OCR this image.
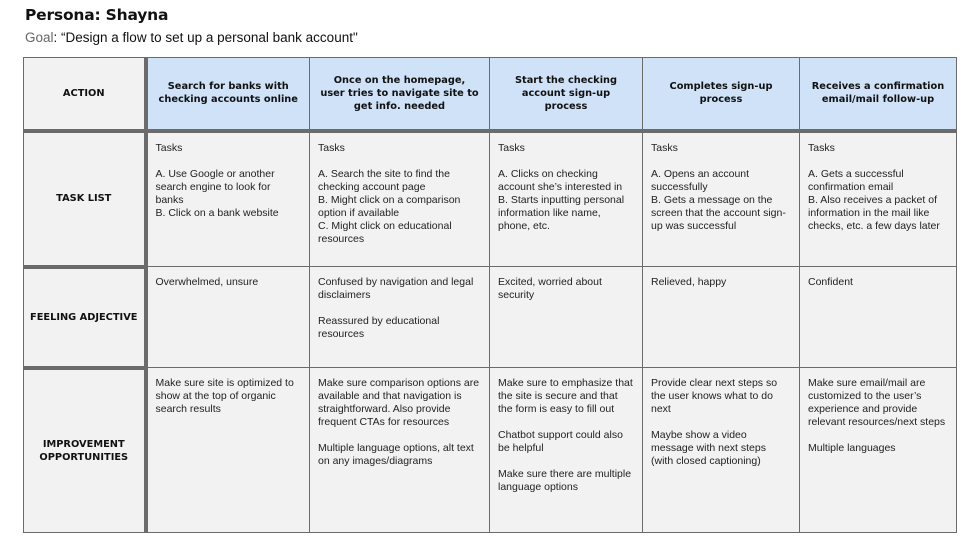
Persona: Shayna
Goal: “Design a flow to set up a personal bank account"
ACTION	Search for banks with checking accounts online	Once on the homepage, user tries to navigate site to get info. needed	Start the checking account sign-up process	Completes sign-up process	Receives a confirmation email/mail follow-up
TASK LIST	Tasks
A. Use Google or another search engine to look for banks
B. Click on a bank website	Tasks
A. Search the site to find the checking account page
B. Might click on a comparison option if available
C. Might click on educational resources	Tasks
A. Clicks on checking account she’s interested in
B. Starts inputting personal information like name, phone, etc.	Tasks
A. Opens an account successfully
B. Gets a message on the screen that the account sign-up was successful	Tasks
A. Gets a successful confirmation email
B. Also receives a packet of information in the mail like checks, etc. a few days later

FEELING ADJECTIVE	Overwhelmed, unsure	Confused by navigation and legal disclaimers
Reassured by educational resources	Excited, worried about security	Relieved, happy	Confident

IMPROVEMENT OPPORTUNITIES	Make sure site is optimized to show at the top of organic search results	Make sure comparison options are available and that navigation is straightforward. Also provide frequent CTAs for resources
Multiple language options, alt text on any images/diagrams	Make sure to emphasize that the site is secure and that the form is easy to fill out
Chatbot support could also be helpful
Make sure there are multiple language options	Provide clear next steps so the user knows what to do next
Maybe show a video message with next steps (with closed captioning)	Make sure email/mail are customized to the user’s experience and provide relevant resources/next steps
Multiple languages
